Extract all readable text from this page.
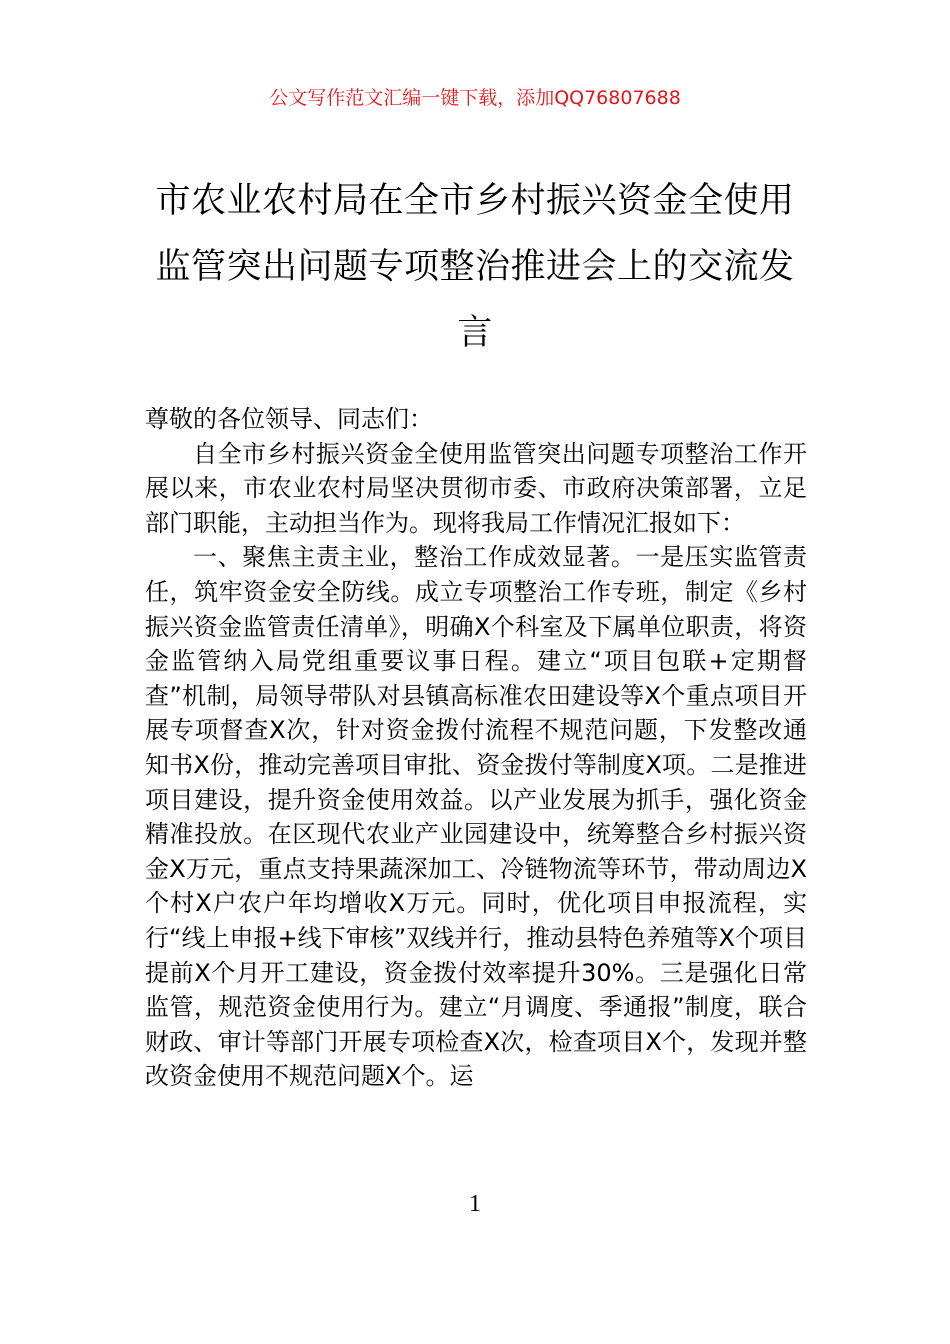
公文写作范文汇编一键下载，添加QQ76807688
市农业农村局在全市乡村振兴资金全使用监管突出问题专项整治推进会上的交流发言

尊敬的各位领导、同志们：

自全市乡村振兴资金全使用监管突出问题专项整治工作开展以来，市农业农村局坚决贯彻市委、市政府决策部署，立足部门职能，主动担当作为。现将我局工作情况汇报如下：

一、聚焦主责主业，整治工作成效显著。一是压实监管责任，筑牢资金安全防线。成立专项整治工作专班，制定《乡村振兴资金监管责任清单》，明确X个科室及下属单位职责，将资金监管纳入局党组重要议事日程。建立“项目包联+定期督查”机制，局领导带队对县镇高标准农田建设等X个重点项目开展专项督查X次，针对资金拨付流程不规范问题，下发整改通知书X份，推动完善项目审批、资金拨付等制度X项。二是推进项目建设，提升资金使用效益。以产业发展为抓手，强化资金精准投放。在区现代农业产业园建设中，统筹整合乡村振兴资金X万元，重点支持果蔬深加工、冷链物流等环节，带动周边X个村X户农户年均增收X万元。同时，优化项目申报流程，实行“线上申报+线下审核”双线并行，推动县特色养殖等X个项目提前X个月开工建设，资金拨付效率提升30%。三是强化日常监管，规范资金使用行为。建立“月调度、季通报”制度，联合财政、审计等部门开展专项检查X次，检查项目X个，发现并整改资金使用不规范问题X个。运

1
